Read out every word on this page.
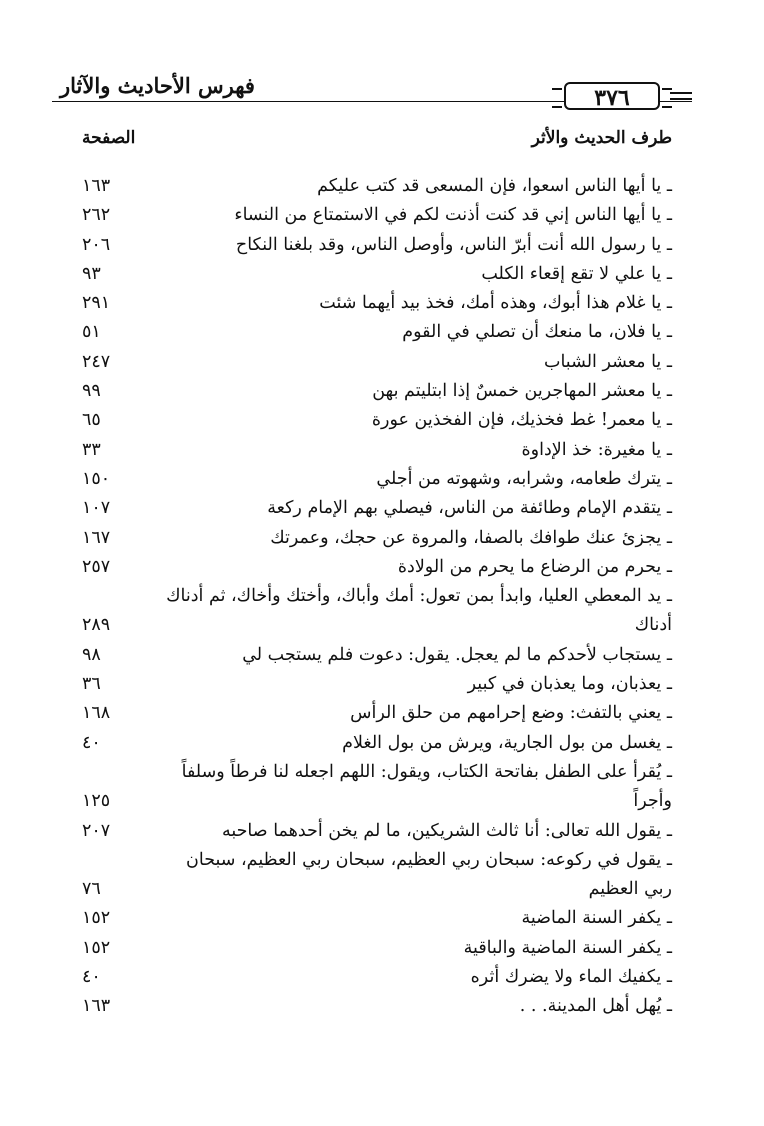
٣٧٦
فهرس الأحاديث والآثار
طرف الحديث والأثر
الصفحة
ـ يا أيها الناس اسعوا، فإن المسعى قد كتب عليكم
١٦٣
ـ يا أيها الناس إني قد كنت أذنت لكم في الاستمتاع من النساء
٢٦٢
ـ يا رسول الله أنت أبرّ الناس، وأوصل الناس، وقد بلغنا النكاح
٢٠٦
ـ يا علي لا تقع إقعاء الكلب
٩٣
ـ يا غلام هذا أبوك، وهذه أمك، فخذ بيد أيهما شئت
٢٩١
ـ يا فلان، ما منعك أن تصلي في القوم
٥١
ـ يا معشر الشباب
٢٤٧
ـ يا معشر المهاجرين خمسٌ إذا ابتليتم بهن
٩٩
ـ يا معمر! غط فخذيك، فإن الفخذين عورة
٦٥
ـ يا مغيرة: خذ الإداوة
٣٣
ـ يترك طعامه، وشرابه، وشهوته من أجلي
١٥٠
ـ يتقدم الإمام وطائفة من الناس، فيصلي بهم الإمام ركعة
١٠٧
ـ يجزئ عنك طوافك بالصفا، والمروة عن حجك، وعمرتك
١٦٧
ـ يحرم من الرضاع ما يحرم من الولادة
٢٥٧
ـ يد المعطي العليا، وابدأ بمن تعول: أمك وأباك، وأختك وأخاك، ثم أدناك أدناك
٢٨٩
ـ يستجاب لأحدكم ما لم يعجل. يقول: دعوت فلم يستجب لي
٩٨
ـ يعذبان، وما يعذبان في كبير
٣٦
ـ يعني بالتفث: وضع إحرامهم من حلق الرأس
١٦٨
ـ يغسل من بول الجارية، ويرش من بول الغلام
٤٠
ـ يُقرأ على الطفل بفاتحة الكتاب، ويقول: اللهم اجعله لنا فرطاً وسلفاً وأجراً
١٢٥
ـ يقول الله تعالى: أنا ثالث الشريكين، ما لم يخن أحدهما صاحبه
٢٠٧
ـ يقول في ركوعه: سبحان ربي العظيم، سبحان ربي العظيم، سبحان ربي العظيم
٧٦
ـ يكفر السنة الماضية
١٥٢
ـ يكفر السنة الماضية والباقية
١٥٢
ـ يكفيك الماء ولا يضرك أثره
٤٠
ـ يُهل أهل المدينة. . .
١٦٣
